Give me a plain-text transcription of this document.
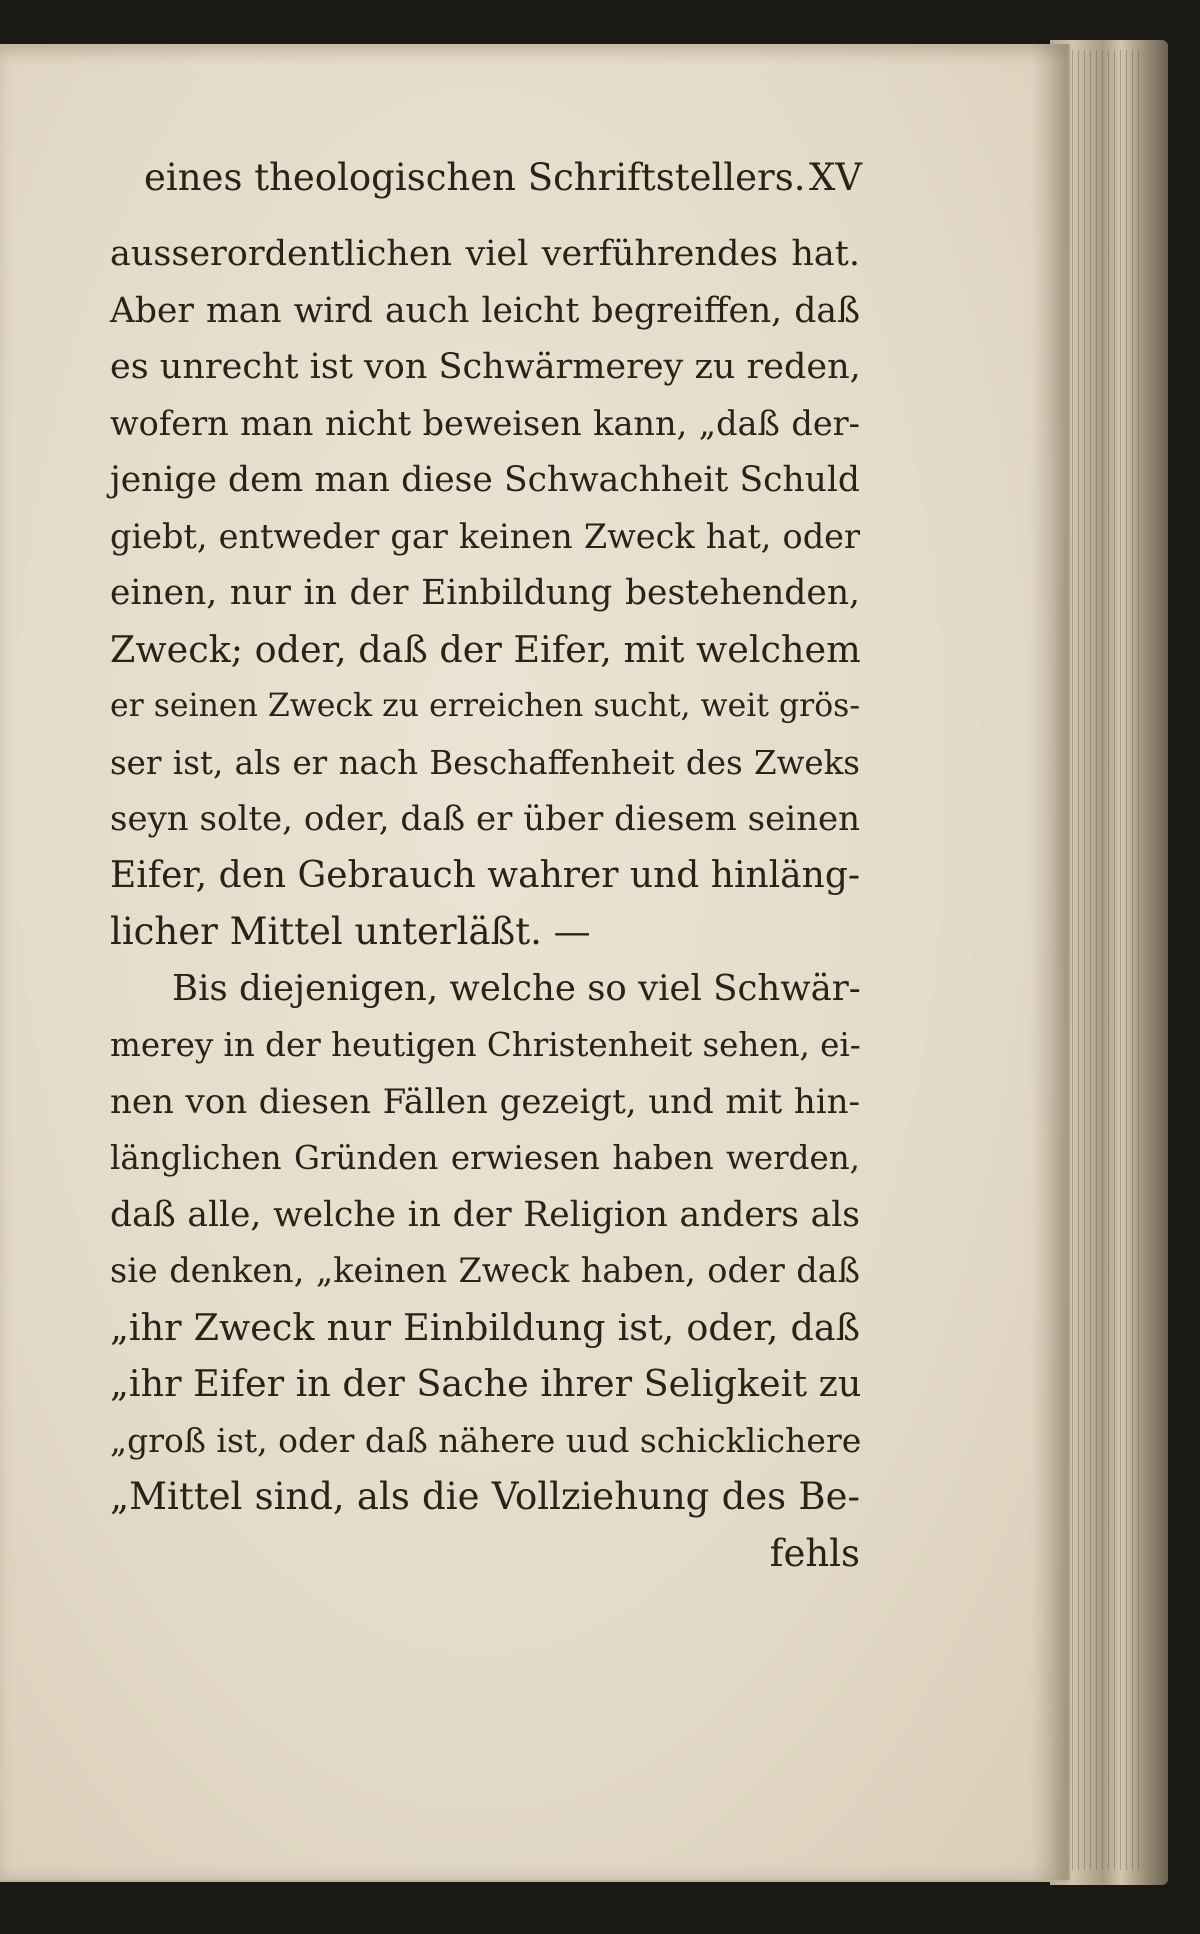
eines theologischen Schriftstellers. XV
ausserordentlichen viel verführendes hat.
Aber man wird auch leicht begreiffen, daß
es unrecht ist von Schwärmerey zu reden,
wofern man nicht beweisen kann, „daß der-
jenige dem man diese Schwachheit Schuld
giebt, entweder gar keinen Zweck hat, oder
einen, nur in der Einbildung bestehenden,
Zweck; oder, daß der Eifer, mit welchem
er seinen Zweck zu erreichen sucht, weit grös-
ser ist, als er nach Beschaffenheit des Zweks
seyn solte, oder, daß er über diesem seinen
Eifer, den Gebrauch wahrer und hinläng-
licher Mittel unterläßt. —
Bis diejenigen, welche so viel Schwär-
merey in der heutigen Christenheit sehen, ei-
nen von diesen Fällen gezeigt, und mit hin-
länglichen Gründen erwiesen haben werden,
daß alle, welche in der Religion anders als
sie denken, „keinen Zweck haben, oder daß
„ihr Zweck nur Einbildung ist, oder, daß
„ihr Eifer in der Sache ihrer Seligkeit zu
„groß ist, oder daß nähere uud schicklichere
„Mittel sind, als die Vollziehung des Be-
fehls
